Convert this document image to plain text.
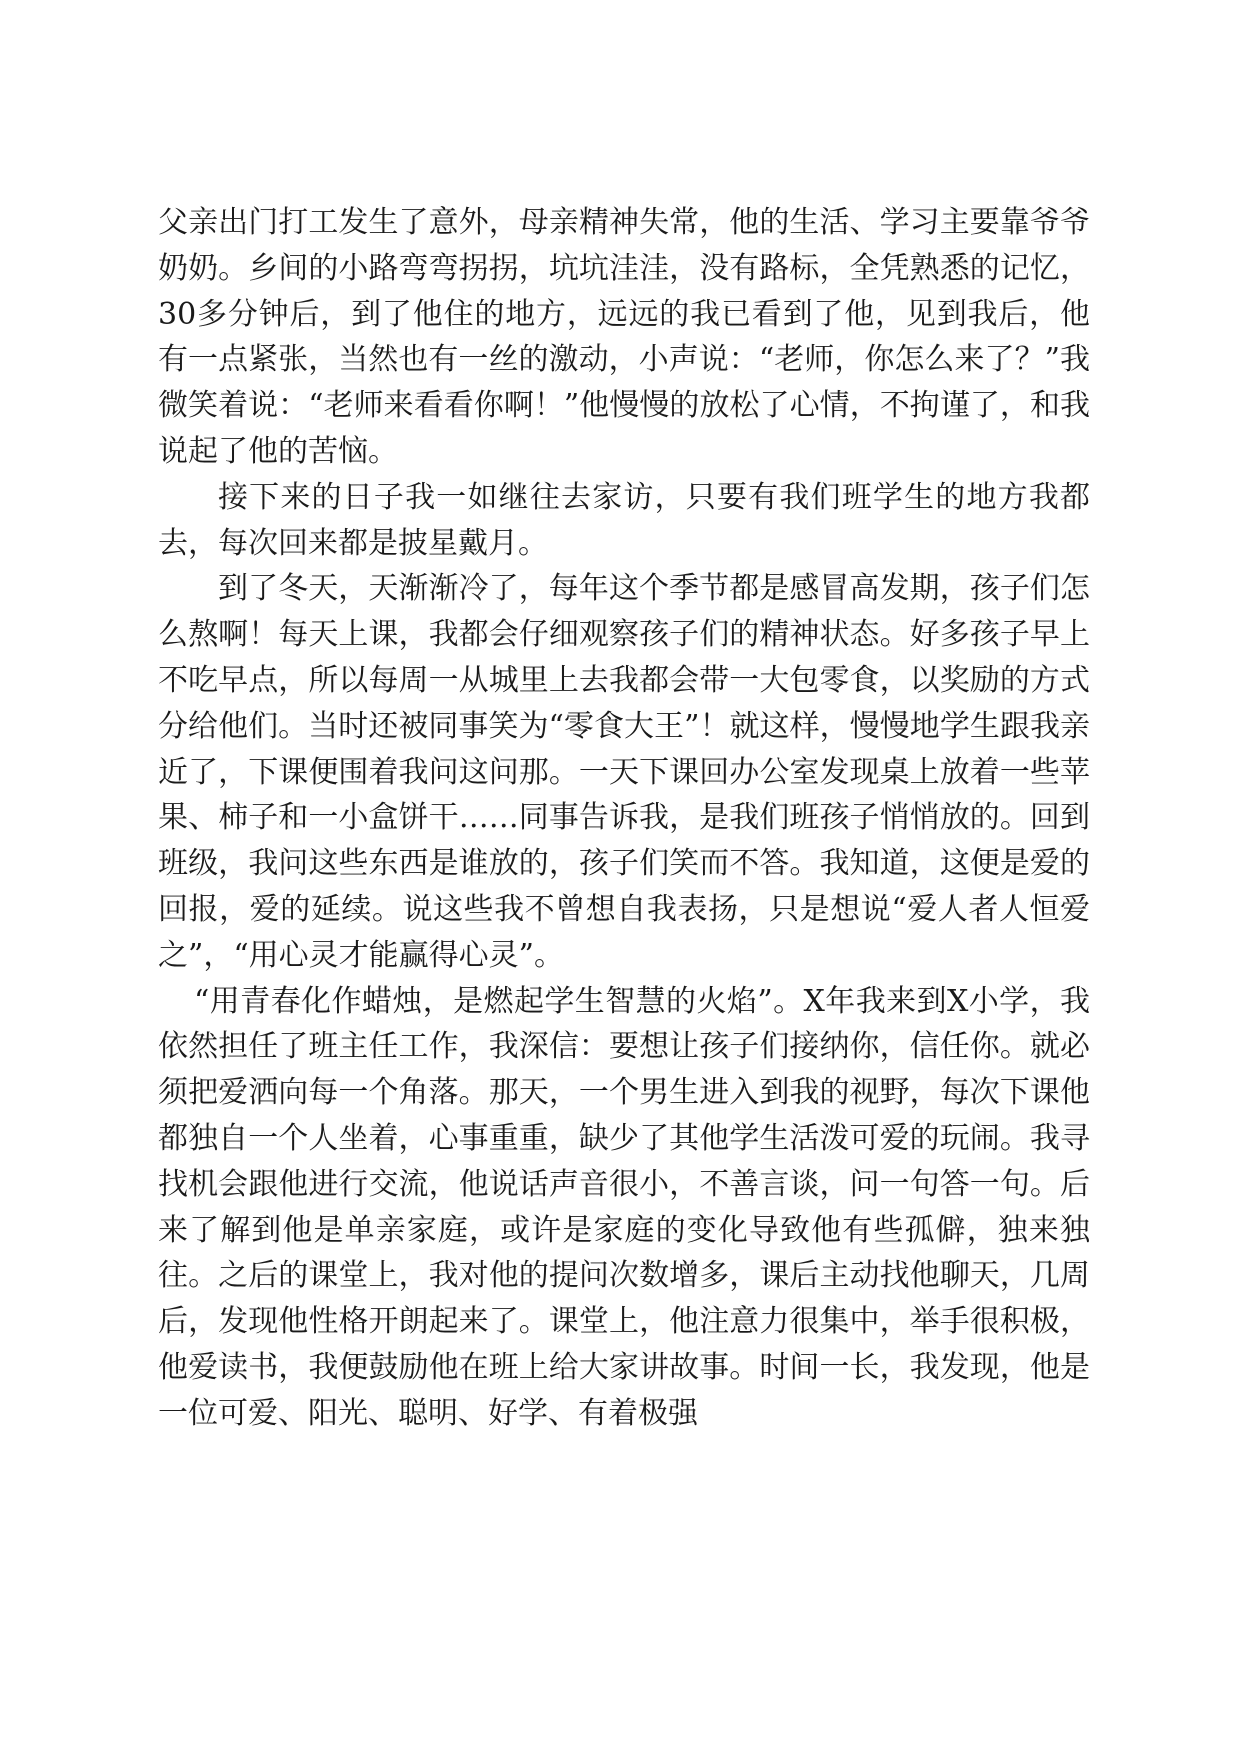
父亲出门打工发生了意外，母亲精神失常，他的生活、学习主要靠爷爷奶奶。乡间的小路弯弯拐拐，坑坑洼洼，没有路标，全凭熟悉的记忆，30多分钟后，到了他住的地方，远远的我已看到了他，见到我后，他有一点紧张，当然也有一丝的激动，小声说：“老师，你怎么来了？”我微笑着说：“老师来看看你啊！”他慢慢的放松了心情，不拘谨了，和我说起了他的苦恼。

接下来的日子我一如继往去家访，只要有我们班学生的地方我都去，每次回来都是披星戴月。

到了冬天，天渐渐冷了，每年这个季节都是感冒高发期，孩子们怎么熬啊！每天上课，我都会仔细观察孩子们的精神状态。好多孩子早上不吃早点，所以每周一从城里上去我都会带一大包零食，以奖励的方式分给他们。当时还被同事笑为“零食大王”！就这样，慢慢地学生跟我亲近了，下课便围着我问这问那。一天下课回办公室发现桌上放着一些苹果、柿子和一小盒饼干……同事告诉我，是我们班孩子悄悄放的。回到班级，我问这些东西是谁放的，孩子们笑而不答。我知道，这便是爱的回报，爱的延续。说这些我不曾想自我表扬，只是想说“爱人者人恒爱之”，“用心灵才能赢得心灵”。

“用青春化作蜡烛，是燃起学生智慧的火焰”。X年我来到X小学，我依然担任了班主任工作，我深信：要想让孩子们接纳你，信任你。就必须把爱洒向每一个角落。那天，一个男生进入到我的视野，每次下课他都独自一个人坐着，心事重重，缺少了其他学生活泼可爱的玩闹。我寻找机会跟他进行交流，他说话声音很小，不善言谈，问一句答一句。后来了解到他是单亲家庭，或许是家庭的变化导致他有些孤僻，独来独往。之后的课堂上，我对他的提问次数增多，课后主动找他聊天，几周后，发现他性格开朗起来了。课堂上，他注意力很集中，举手很积极，他爱读书，我便鼓励他在班上给大家讲故事。时间一长，我发现，他是一位可爱、阳光、聪明、好学、有着极强
